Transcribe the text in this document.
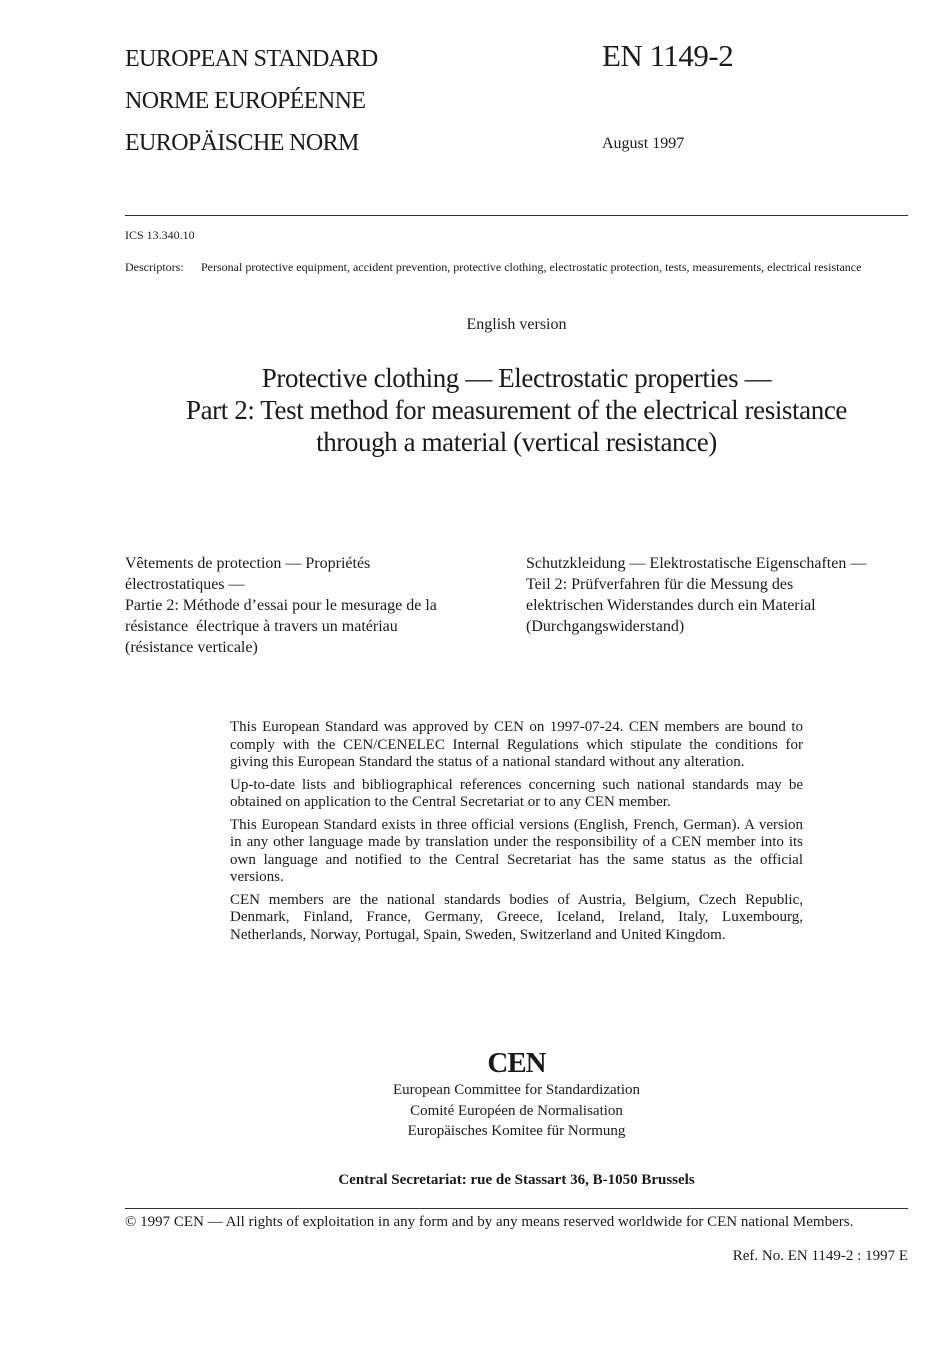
EUROPEAN STANDARD
NORME EUROPÉENNE
EUROPÄISCHE NORM
EN 1149-2
August 1997
ICS 13.340.10
Descriptors:	Personal protective equipment, accident prevention, protective clothing, electrostatic protection, tests, measurements, electrical resistance
English version
Protective clothing — Electrostatic properties —
Part 2: Test method for measurement of the electrical resistance
through a material (vertical resistance)
Vêtements de protection — Propriétés
électrostatiques —
Partie 2: Méthode d’essai pour le mesurage de la
résistance  électrique à travers un matériau
(résistance verticale)
Schutzkleidung — Elektrostatische Eigenschaften —
Teil 2: Prüfverfahren für die Messung des
elektrischen Widerstandes durch ein Material
(Durchgangswiderstand)

This European Standard was approved by CEN on 1997-07-24. CEN members are bound to comply with the CEN/CENELEC Internal Regulations which stipulate the conditions for giving this European Standard the status of a national standard without any alteration.

Up-to-date lists and bibliographical references concerning such national standards may be obtained on application to the Central Secretariat or to any CEN member.

This European Standard exists in three official versions (English, French, German). A version in any other language made by translation under the responsibility of a CEN member into its own language and notified to the Central Secretariat has the same status as the official versions.

CEN members are the national standards bodies of Austria, Belgium, Czech Republic, Denmark, Finland, France, Germany, Greece, Iceland, Ireland, Italy, Luxembourg, Netherlands, Norway, Portugal, Spain, Sweden, Switzerland and United Kingdom.

CEN
European Committee for Standardization
Comité Européen de Normalisation
Europäisches Komitee für Normung
Central Secretariat: rue de Stassart 36, B-1050 Brussels
© 1997 CEN — All rights of exploitation in any form and by any means reserved worldwide for CEN national Members.
Ref. No. EN 1149-2 : 1997 E
